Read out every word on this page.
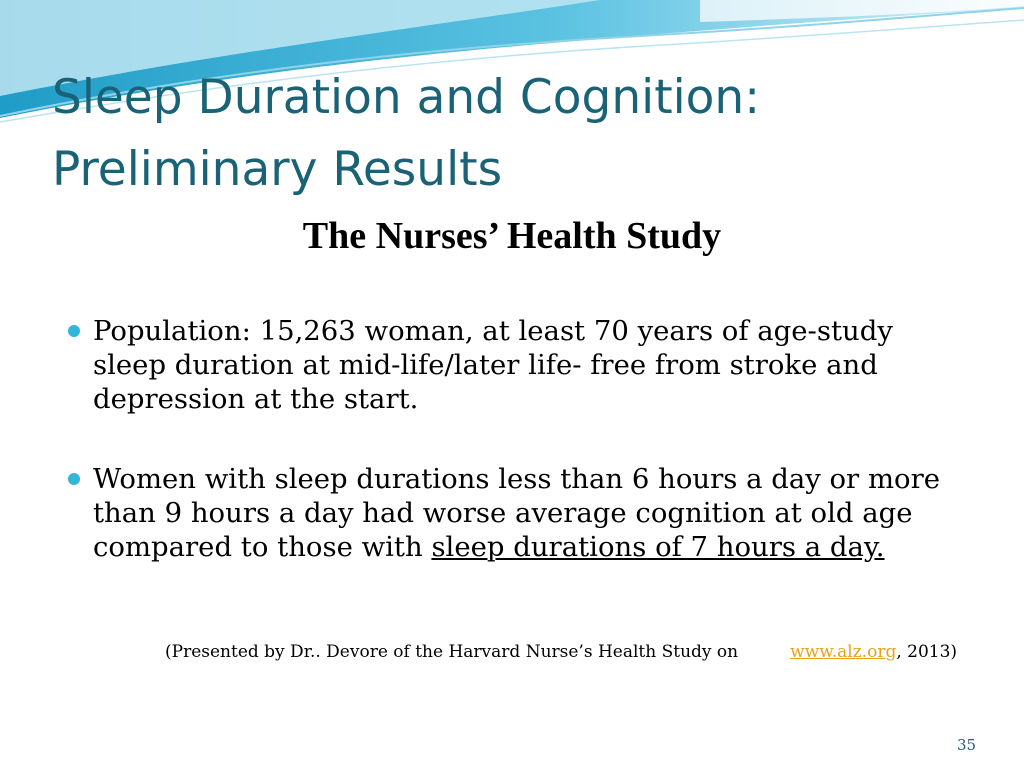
Sleep Duration and Cognition: Preliminary Results
The Nurses’ Health Study
Population: 15,263 woman, at least 70 years of age-study sleep duration at mid-life/later life- free from stroke and depression at the start.
Women with sleep durations less than 6 hours a day or more than 9 hours a day had worse average cognition at old age compared to those with sleep durations of 7 hours a day.
(Presented by Dr.. Devore of the Harvard Nurse’s Health Study on	www.alz.org, 2013)
35
